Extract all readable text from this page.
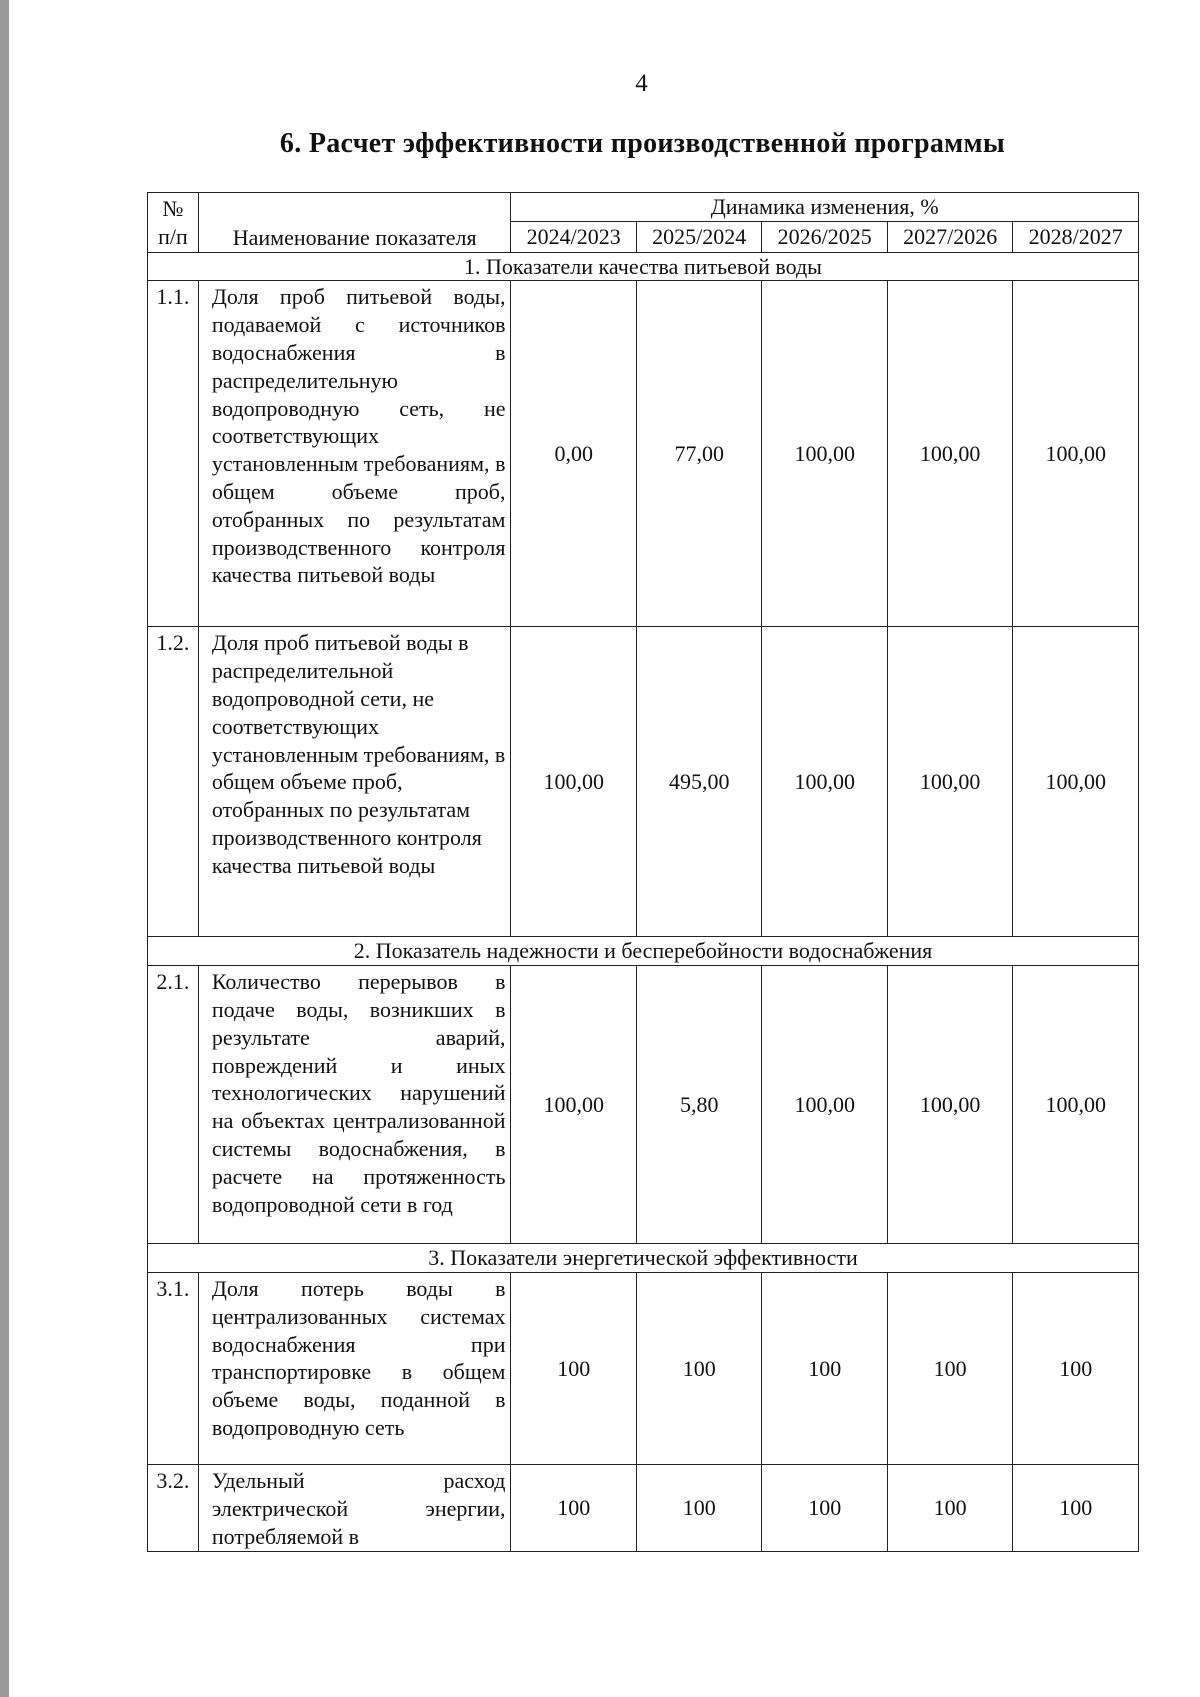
4
6. Расчет эффективности производственной программы
№ п/п	Наименование показателя	Динамика изменения, %				
		2024/2023	2025/2024	2026/2025	2027/2026	2028/2027
1. Показатели качества питьевой воды						
1.1.	Доля проб питьевой воды, подаваемой с источников водоснабжения в распределительную водопроводную сеть, не соответствующих установленным требованиям, в общем объеме проб, отобранных по результатам производственного контроля качества питьевой воды	0,00	77,00	100,00	100,00	100,00
1.2.	Доля проб питьевой воды в распределительной водопроводной сети, не соответствующих установленным требованиям, в общем объеме проб, отобранных по результатам производственного контроля качества питьевой воды	100,00	495,00	100,00	100,00	100,00
2. Показатель надежности и бесперебойности водоснабжения						
2.1.	Количество перерывов в подаче воды, возникших в результате аварий, повреждений и иных технологических нарушений на объектах централизованной системы водоснабжения, в расчете на протяженность водопроводной сети в год	100,00	5,80	100,00	100,00	100,00
3. Показатели энергетической эффективности						
3.1.	Доля потерь воды в централизованных системах водоснабжения при транспортировке в общем объеме воды, поданной в водопроводную сеть	100	100	100	100	100
3.2.	Удельный расход электрической энергии, потребляемой в	100	100	100	100	100
